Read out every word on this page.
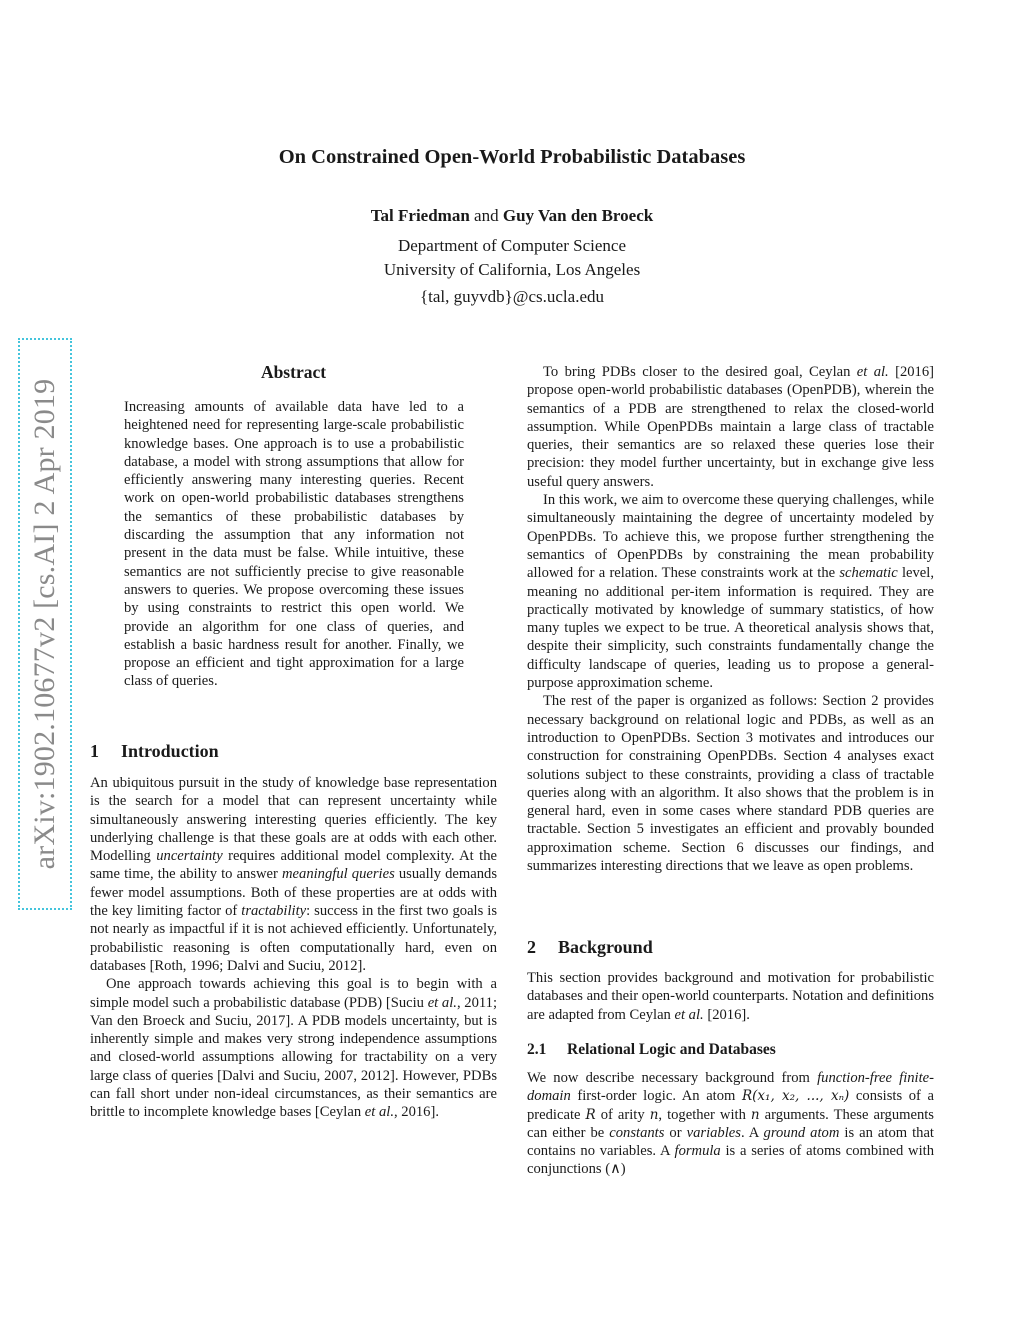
On Constrained Open-World Probabilistic Databases
Tal Friedman and Guy Van den Broeck
Department of Computer Science
University of California, Los Angeles
{tal, guyvdb}@cs.ucla.edu
arXiv:1902.10677v2 [cs.AI] 2 Apr 2019
Abstract

Increasing amounts of available data have led to a heightened need for representing large-scale probabilistic knowledge bases. One approach is to use a probabilistic database, a model with strong assumptions that allow for efficiently answering many interesting queries. Recent work on open-world probabilistic databases strengthens the semantics of these probabilistic databases by discarding the assumption that any information not present in the data must be false. While intuitive, these semantics are not sufficiently precise to give reasonable answers to queries. We propose overcoming these issues by using constraints to restrict this open world. We provide an algorithm for one class of queries, and establish a basic hardness result for another. Finally, we propose an efficient and tight approximation for a large class of queries.

1 Introduction

An ubiquitous pursuit in the study of knowledge base representation is the search for a model that can represent uncertainty while simultaneously answering interesting queries efficiently. The key underlying challenge is that these goals are at odds with each other. Modelling uncertainty requires additional model complexity. At the same time, the ability to answer meaningful queries usually demands fewer model assumptions. Both of these properties are at odds with the key limiting factor of tractability: success in the first two goals is not nearly as impactful if it is not achieved efficiently. Unfortunately, probabilistic reasoning is often computationally hard, even on databases [Roth, 1996; Dalvi and Suciu, 2012].

One approach towards achieving this goal is to begin with a simple model such a probabilistic database (PDB) [Suciu et al., 2011; Van den Broeck and Suciu, 2017]. A PDB models uncertainty, but is inherently simple and makes very strong independence assumptions and closed-world assumptions allowing for tractability on a very large class of queries [Dalvi and Suciu, 2007, 2012]. However, PDBs can fall short under non-ideal circumstances, as their semantics are brittle to incomplete knowledge bases [Ceylan et al., 2016].

To bring PDBs closer to the desired goal, Ceylan et al. [2016] propose open-world probabilistic databases (OpenPDB), wherein the semantics of a PDB are strengthened to relax the closed-world assumption. While OpenPDBs maintain a large class of tractable queries, their semantics are so relaxed these queries lose their precision: they model further uncertainty, but in exchange give less useful query answers.

In this work, we aim to overcome these querying challenges, while simultaneously maintaining the degree of uncertainty modeled by OpenPDBs. To achieve this, we propose further strengthening the semantics of OpenPDBs by constraining the mean probability allowed for a relation. These constraints work at the schematic level, meaning no additional per-item information is required. They are practically motivated by knowledge of summary statistics, of how many tuples we expect to be true. A theoretical analysis shows that, despite their simplicity, such constraints fundamentally change the difficulty landscape of queries, leading us to propose a general-purpose approximation scheme.

The rest of the paper is organized as follows: Section 2 provides necessary background on relational logic and PDBs, as well as an introduction to OpenPDBs. Section 3 motivates and introduces our construction for constraining OpenPDBs. Section 4 analyses exact solutions subject to these constraints, providing a class of tractable queries along with an algorithm. It also shows that the problem is in general hard, even in some cases where standard PDB queries are tractable. Section 5 investigates an efficient and provably bounded approximation scheme. Section 6 discusses our findings, and summarizes interesting directions that we leave as open problems.

2 Background

This section provides background and motivation for probabilistic databases and their open-world counterparts. Notation and definitions are adapted from Ceylan et al. [2016].

2.1 Relational Logic and Databases

We now describe necessary background from function-free finite-domain first-order logic. An atom R(x₁, x₂, ..., xₙ) consists of a predicate R of arity n, together with n arguments. These arguments can either be constants or variables. A ground atom is an atom that contains no variables. A formula is a series of atoms combined with conjunctions (∧)
